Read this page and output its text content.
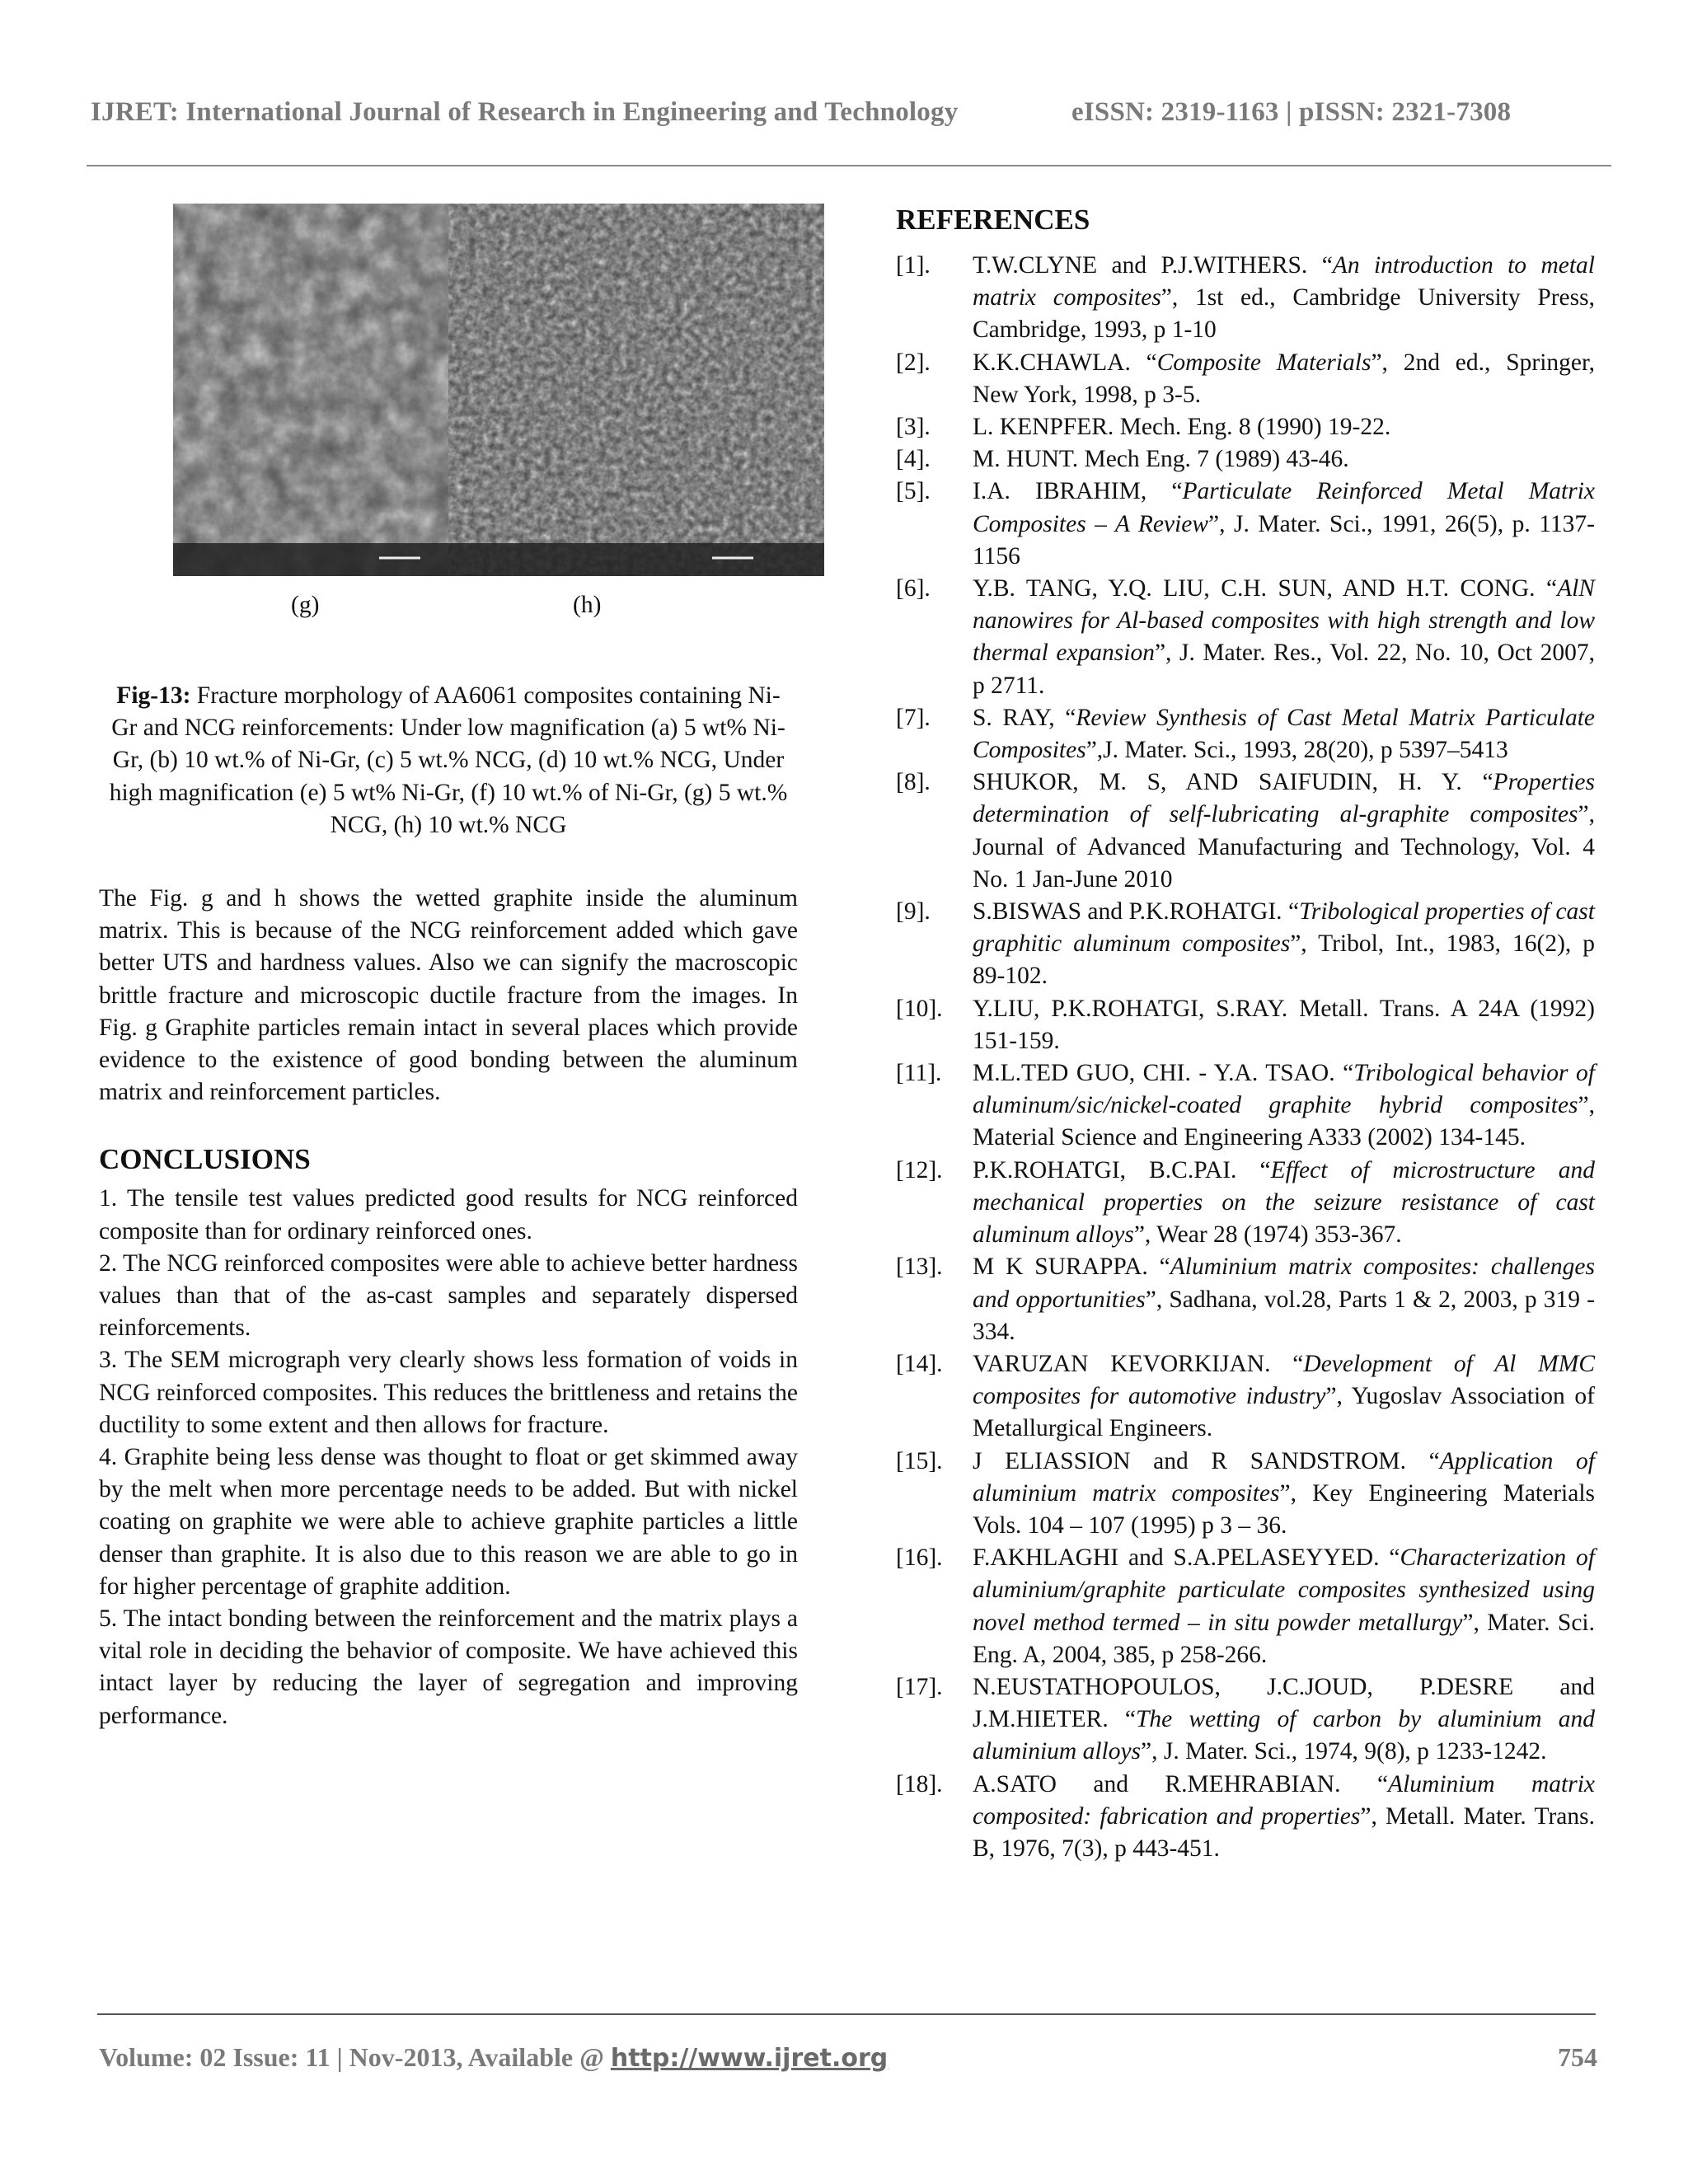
IJRET: International Journal of Research in Engineering and Technology	eISSN: 2319-1163 | pISSN: 2321-7308
(g)	(h)

Fig-13: Fracture morphology of AA6061 composites containing Ni-Gr and NCG reinforcements: Under low magnification (a) 5 wt% Ni-Gr, (b) 10 wt.% of Ni-Gr, (c) 5 wt.% NCG, (d) 10 wt.% NCG, Under high magnification (e) 5 wt% Ni-Gr, (f) 10 wt.% of Ni-Gr, (g) 5 wt.% NCG, (h) 10 wt.% NCG

The Fig. g and h shows the wetted graphite inside the aluminum matrix. This is because of the NCG reinforcement added which gave better UTS and hardness values. Also we can signify the macroscopic brittle fracture and microscopic ductile fracture from the images. In Fig. g Graphite particles remain intact in several places which provide evidence to the existence of good bonding between the aluminum matrix and reinforcement particles.

CONCLUSIONS

1. The tensile test values predicted good results for NCG reinforced composite than for ordinary reinforced ones.

2. The NCG reinforced composites were able to achieve better hardness values than that of the as-cast samples and separately dispersed reinforcements.

3. The SEM micrograph very clearly shows less formation of voids in NCG reinforced composites. This reduces the brittleness and retains the ductility to some extent and then allows for fracture.

4. Graphite being less dense was thought to float or get skimmed away by the melt when more percentage needs to be added. But with nickel coating on graphite we were able to achieve graphite particles a little denser than graphite. It is also due to this reason we are able to go in for higher percentage of graphite addition.

5. The intact bonding between the reinforcement and the matrix plays a vital role in deciding the behavior of composite. We have achieved this intact layer by reducing the layer of segregation and improving performance.

REFERENCES
[1].	T.W.CLYNE and P.J.WITHERS. “An introduction to metal matrix composites”, 1st ed., Cambridge University Press, Cambridge, 1993, p 1-10
[2].	K.K.CHAWLA. “Composite Materials”, 2nd ed., Springer, New York, 1998, p 3-5.
[3].	L. KENPFER. Mech. Eng. 8 (1990) 19-22.
[4].	M. HUNT. Mech Eng. 7 (1989) 43-46.
[5].	I.A. IBRAHIM, “Particulate Reinforced Metal Matrix Composites – A Review”, J. Mater. Sci., 1991, 26(5), p. 1137-1156
[6].	Y.B. TANG, Y.Q. LIU, C.H. SUN, AND H.T. CONG. “AlN nanowires for Al-based composites with high strength and low thermal expansion”, J. Mater. Res., Vol. 22, No. 10, Oct 2007, p 2711.
[7].	S. RAY, “Review Synthesis of Cast Metal Matrix Particulate Composites”,J. Mater. Sci., 1993, 28(20), p 5397–5413
[8].	SHUKOR, M. S, AND SAIFUDIN, H. Y. “Properties determination of self-lubricating al-graphite composites”, Journal of Advanced Manufacturing and Technology, Vol. 4 No. 1 Jan-June 2010
[9].	S.BISWAS and P.K.ROHATGI. “Tribological properties of cast graphitic aluminum composites”, Tribol, Int., 1983, 16(2), p 89-102.
[10].	Y.LIU, P.K.ROHATGI, S.RAY. Metall. Trans. A 24A (1992) 151-159.
[11].	M.L.TED GUO, CHI. - Y.A. TSAO. “Tribological behavior of aluminum/sic/nickel-coated graphite hybrid composites”, Material Science and Engineering A333 (2002) 134-145.
[12].	P.K.ROHATGI, B.C.PAI. “Effect of microstructure and mechanical properties on the seizure resistance of cast aluminum alloys”, Wear 28 (1974) 353-367.
[13].	M K SURAPPA. “Aluminium matrix composites: challenges and opportunities”, Sadhana, vol.28, Parts 1 & 2, 2003, p 319 - 334.
[14].	VARUZAN KEVORKIJAN. “Development of Al MMC composites for automotive industry”, Yugoslav Association of Metallurgical Engineers.
[15].	J ELIASSION and R SANDSTROM. “Application of aluminium matrix composites”, Key Engineering Materials Vols. 104 – 107 (1995) p 3 – 36.
[16].	F.AKHLAGHI and S.A.PELASEYYED. “Characterization of aluminium/graphite particulate composites synthesized using novel method termed – in situ powder metallurgy”, Mater. Sci. Eng. A, 2004, 385, p 258-266.
[17].	N.EUSTATHOPOULOS, J.C.JOUD, P.DESRE and J.M.HIETER. “The wetting of carbon by aluminium and aluminium alloys”, J. Mater. Sci., 1974, 9(8), p 1233-1242.
[18].	A.SATO and R.MEHRABIAN. “Aluminium matrix composited: fabrication and properties”, Metall. Mater. Trans. B, 1976, 7(3), p 443-451.
Volume: 02 Issue: 11 | Nov-2013, Available @ http://www.ijret.org	754
